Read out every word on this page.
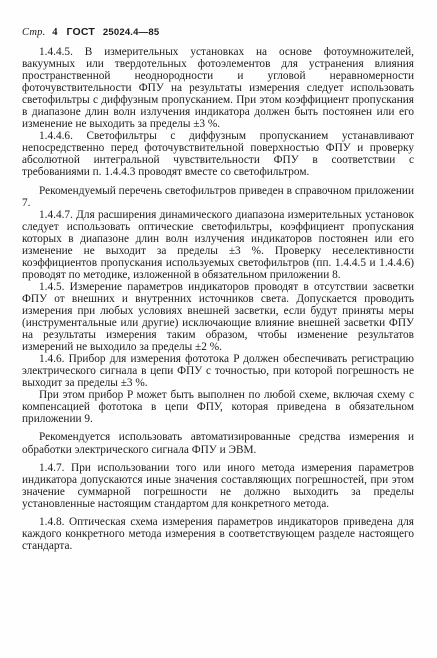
Стр. 4 ГОСТ 25024.4—85

1.4.4.5. В измерительных установках на основе фотоумножителей, вакуумных или твердотельных фотоэлементов для устранения влияния пространственной неоднородности и угловой неравномерности фоточувствительности ФПУ на результаты измерения следует использовать светофильтры с диффузным пропусканием. При этом коэффициент пропускания в диапазоне длин волн излучения индикатора должен быть постоянен или его изменение не выходить за пределы ±3 %.

1.4.4.6. Светофильтры с диффузным пропусканием устанавливают непосредственно перед фоточувствительной поверхностью ФПУ и проверку абсолютной интегральной чувствительности ФПУ в соответствии с требованиями п. 1.4.4.3 проводят вместе со светофильтром.

Рекомендуемый перечень светофильтров приведен в справочном приложении 7.

1.4.4.7. Для расширения динамического диапазона измерительных установок следует использовать оптические светофильтры, коэффициент пропускания которых в диапазоне длин волн излучения индикаторов постоянен или его изменение не выходит за пределы ±3 %. Проверку неселективности коэффициентов пропускания используемых светофильтров (пп. 1.4.4.5 и 1.4.4.6) проводят по методике, изложенной в обязательном приложении 8.

1.4.5. Измерение параметров индикаторов проводят в отсутствии засветки ФПУ от внешних и внутренних источников света. Допускается проводить измерения при любых условиях внешней засветки, если будут приняты меры (инструментальные или другие) исключающие влияние внешней засветки ФПУ на результаты измерения таким образом, чтобы изменение результатов измерений не выходило за пределы ±2 %.

1.4.6. Прибор для измерения фототока P должен обеспечивать регистрацию электрического сигнала в цепи ФПУ с точностью, при которой погрешность не выходит за пределы ±3 %.

При этом прибор P может быть выполнен по любой схеме, включая схему с компенсацией фототока в цепи ФПУ, которая приведена в обязательном приложении 9.

Рекомендуется использовать автоматизированные средства измерения и обработки электрического сигнала ФПУ и ЭВМ.

1.4.7. При использовании того или иного метода измерения параметров индикатора допускаются иные значения составляющих погрешностей, при этом значение суммарной погрешности не должно выходить за пределы установленные настоящим стандартом для конкретного метода.

1.4.8. Оптическая схема измерения параметров индикаторов приведена для каждого конкретного метода измерения в соответствующем разделе настоящего стандарта.
